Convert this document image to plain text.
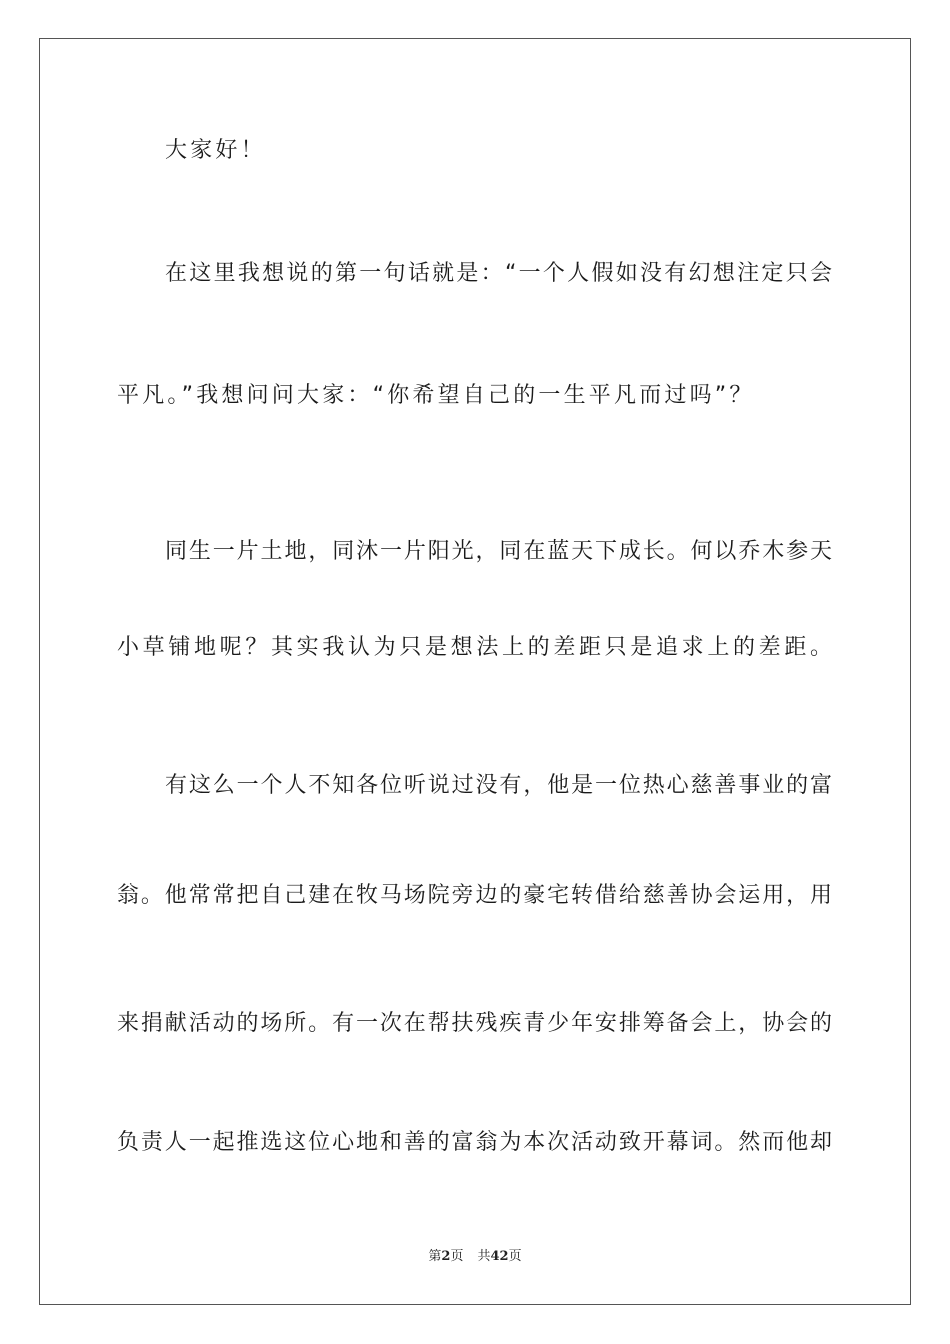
大家好！
在这里我想说的第一句话就是：“一个人假如没有幻想注定只会
平凡。”我想问问大家：“你希望自己的一生平凡而过吗”？
同生一片土地，同沐一片阳光，同在蓝天下成长。何以乔木参天
小草铺地呢？其实我认为只是想法上的差距只是追求上的差距。
有这么一个人不知各位听说过没有，他是一位热心慈善事业的富
翁。他常常把自己建在牧马场院旁边的豪宅转借给慈善协会运用，用
来捐献活动的场所。有一次在帮扶残疾青少年安排筹备会上，协会的
负责人一起推选这位心地和善的富翁为本次活动致开幕词。然而他却
第2页 共42页
